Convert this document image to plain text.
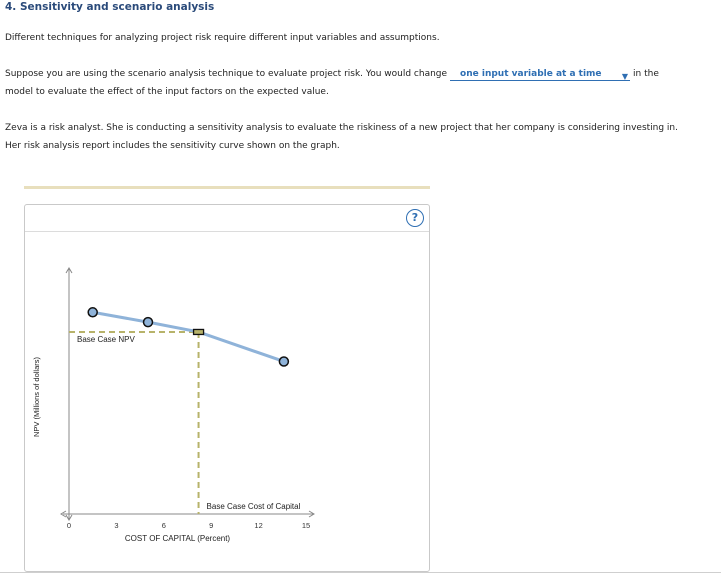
4. Sensitivity and scenario analysis
Different techniques for analyzing project risk require different input variables and assumptions.
Suppose you are using the scenario analysis technique to evaluate project risk. You would change one input variable at a time	▼ in the
model to evaluate the effect of the input factors on the expected value.
Zeva is a risk analyst. She is conducting a sensitivity analysis to evaluate the riskiness of a new project that her company is considering investing in.
Her risk analysis report includes the sensitivity curve shown on the graph.
?
0	3	6	9	12	15
COST OF CAPITAL (Percent)
NPV (Millions of dollars)
Base Case NPV
Base Case Cost of Capital
